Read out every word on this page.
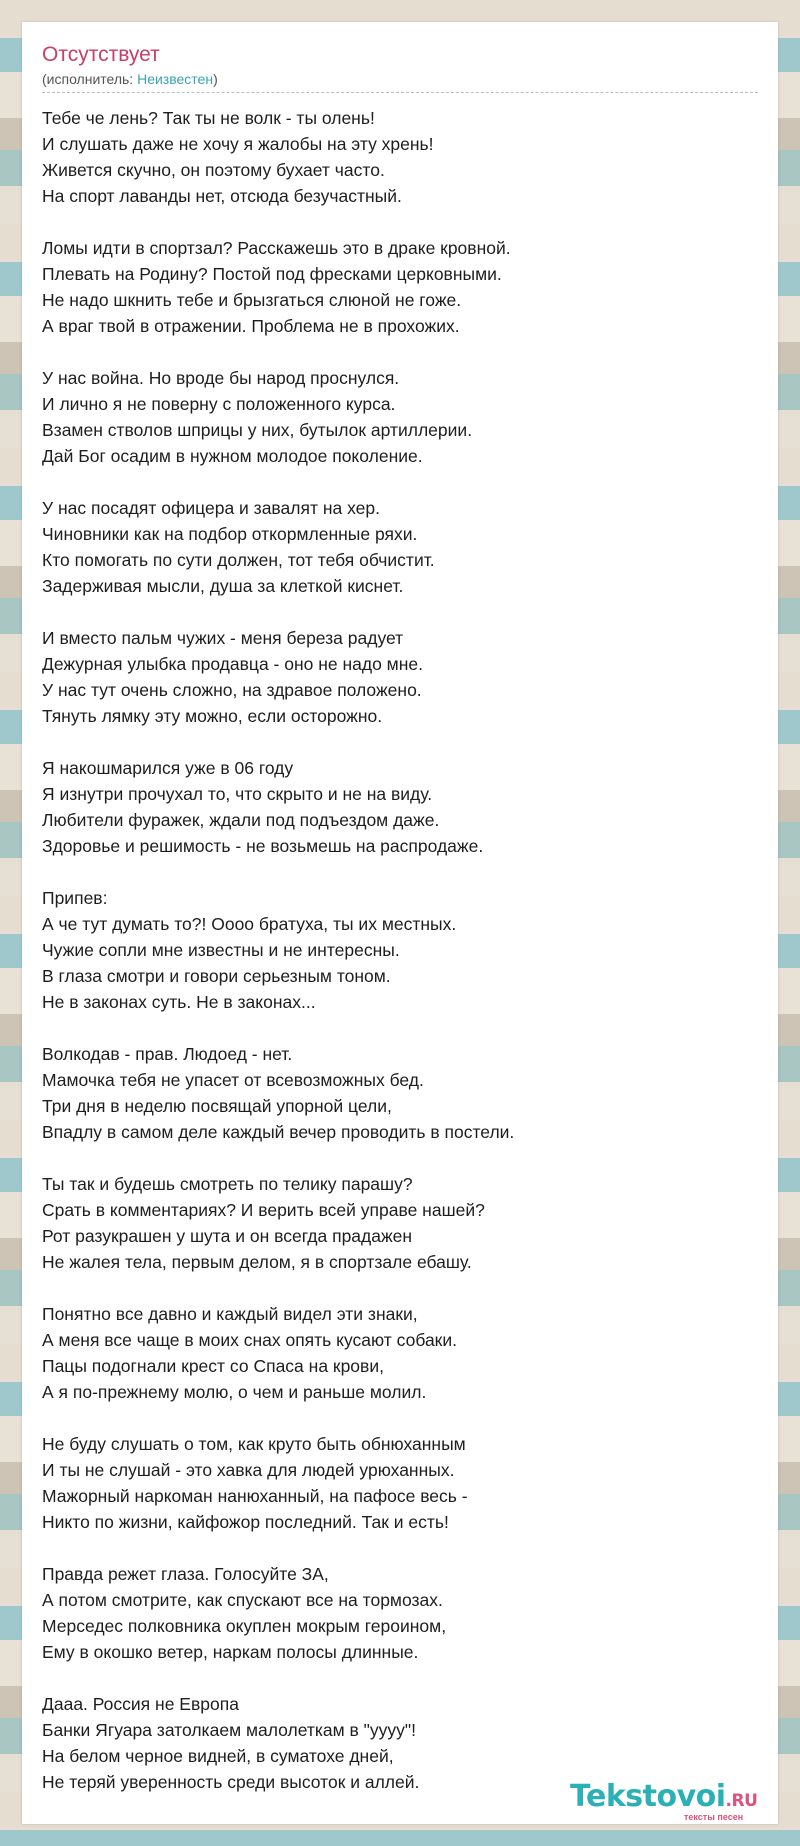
Отсутствует
(исполнитель: Неизвестен)
Тебе че лень? Так ты не волк - ты олень!
И слушать даже не хочу я жалобы на эту хрень!
Живется скучно, он поэтому бухает часто.
На спорт лаванды нет, отсюда безучастный.
Ломы идти в спортзал? Расскажешь это в драке кровной.
Плевать на Родину? Постой под фресками церковными.
Не надо шкнить тебе и брызгаться слюной не гоже.
А враг твой в отражении. Проблема не в прохожих.
У нас война. Но вроде бы народ проснулся.
И лично я не поверну с положенного курса.
Взамен стволов шприцы у них, бутылок артиллерии.
Дай Бог осадим в нужном молодое поколение.
У нас посадят офицера и завалят на хер.
Чиновники как на подбор откормленные ряхи.
Кто помогать по сути должен, тот тебя обчистит.
Задерживая мысли, душа за клеткой киснет.
И вместо пальм чужих - меня береза радует
Дежурная улыбка продавца - оно не надо мне.
У нас тут очень сложно, на здравое положено.
Тянуть лямку эту можно, если осторожно.
Я накошмарился уже в 06 году
Я изнутри прочухал то, что скрыто и не на виду.
Любители фуражек, ждали под подъездом даже.
Здоровье и решимость - не возьмешь на распродаже.
Припев:
А че тут думать то?! Оооо братуха, ты их местных.
Чужие сопли мне известны и не интересны.
В глаза смотри и говори серьезным тоном.
Не в законах суть. Не в законах...
Волкодав - прав. Людоед - нет.
Мамочка тебя не упасет от всевозможных бед.
Три дня в неделю посвящай упорной цели,
Впадлу в самом деле каждый вечер проводить в постели.
Ты так и будешь смотреть по телику парашу?
Срать в комментариях? И верить всей управе нашей?
Рот разукрашен у шута и он всегда прадажен
Не жалея тела, первым делом, я в спортзале ебашу.
Понятно все давно и каждый видел эти знаки,
А меня все чаще в моих снах опять кусают собаки.
Пацы подогнали крест со Спаса на крови,
А я по-прежнему молю, о чем и раньше молил.
Не буду слушать о том, как круто быть обнюханным
И ты не слушай - это хавка для людей урюханных.
Мажорный наркоман нанюханный, на пафосе весь -
Никто по жизни, кайфожор последний. Так и есть!
Правда режет глаза. Голосуйте ЗА,
А потом смотрите, как спускают все на тормозах.
Мерседес полковника окуплен мокрым героином,
Ему в окошко ветер, наркам полосы длинные.
Дааа. Россия не Европа
Банки Ягуара затолкаем малолеткам в "уууу"!
На белом черное видней, в суматохе дней,
Не теряй уверенность среди высоток и аллей.	Tekstovoi.RU
тексты песен
